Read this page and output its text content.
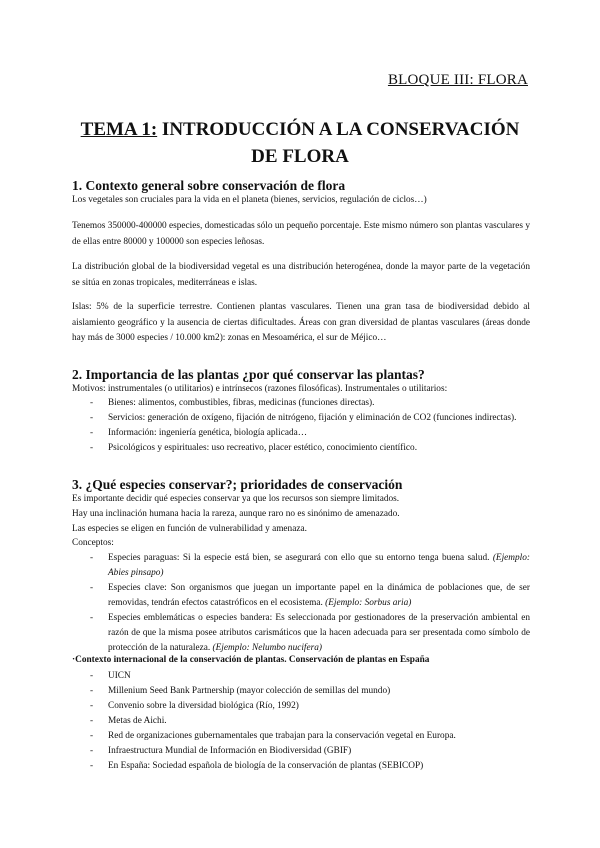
BLOQUE III: FLORA
TEMA 1: INTRODUCCIÓN A LA CONSERVACIÓN DE FLORA
1. Contexto general sobre conservación de flora
Los vegetales son cruciales para la vida en el planeta (bienes, servicios, regulación de ciclos…)
Tenemos 350000-400000 especies, domesticadas sólo un pequeño porcentaje. Este mismo número son plantas vasculares y de ellas entre 80000 y 100000 son especies leñosas.
La distribución global de la biodiversidad vegetal es una distribución heterogénea, donde la mayor parte de la vegetación se sitúa en zonas tropicales, mediterráneas e islas.
Islas: 5% de la superficie terrestre. Contienen plantas vasculares. Tienen una gran tasa de biodiversidad debido al aislamiento geográfico y la ausencia de ciertas dificultades. Áreas con gran diversidad de plantas vasculares (áreas donde hay más de 3000 especies / 10.000 km2): zonas en Mesoamérica, el sur de Méjico…
2. Importancia de las plantas ¿por qué conservar las plantas?
Motivos: instrumentales (o utilitarios) e intrínsecos (razones filosóficas). Instrumentales o utilitarios:
- Bienes: alimentos, combustibles, fibras, medicinas (funciones directas).
- Servicios: generación de oxígeno, fijación de nitrógeno, fijación y eliminación de CO2 (funciones indirectas).
- Información: ingeniería genética, biología aplicada…
- Psicológicos y espirituales: uso recreativo, placer estético, conocimiento científico.
3. ¿Qué especies conservar?; prioridades de conservación
Es importante decidir qué especies conservar ya que los recursos son siempre limitados.
Hay una inclinación humana hacia la rareza, aunque raro no es sinónimo de amenazado.
Las especies se eligen en función de vulnerabilidad y amenaza.
Conceptos:
- Especies paraguas: Si la especie está bien, se asegurará con ello que su entorno tenga buena salud. (Ejemplo: Abies pinsapo)
- Especies clave: Son organismos que juegan un importante papel en la dinámica de poblaciones que, de ser removidas, tendrán efectos catastróficos en el ecosistema. (Ejemplo: Sorbus aria)
- Especies emblemáticas o especies bandera: Es seleccionada por gestionadores de la preservación ambiental en razón de que la misma posee atributos carismáticos que la hacen adecuada para ser presentada como símbolo de protección de la naturaleza. (Ejemplo: Nelumbo nucifera)
·Contexto internacional de la conservación de plantas. Conservación de plantas en España
- UICN
- Millenium Seed Bank Partnership (mayor colección de semillas del mundo)
- Convenio sobre la diversidad biológica (Río, 1992)
- Metas de Aichi.
- Red de organizaciones gubernamentales que trabajan para la conservación vegetal en Europa.
- Infraestructura Mundial de Información en Biodiversidad (GBIF)
- En España: Sociedad española de biología de la conservación de plantas (SEBICOP)
